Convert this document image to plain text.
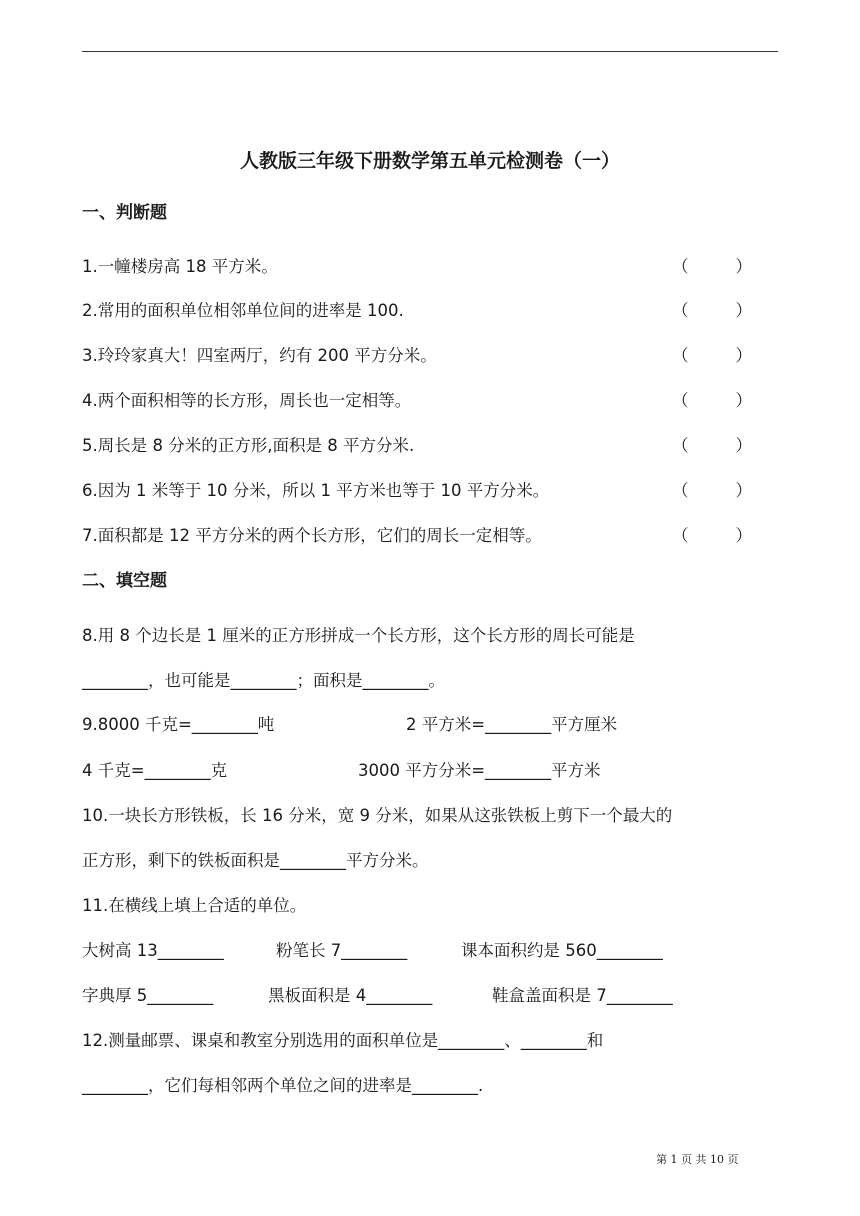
人教版三年级下册数学第五单元检测卷（一）
一、判断题
1.一幢楼房高 18 平方米。	（	）
2.常用的面积单位相邻单位间的进率是 100.	（	）
3.玲玲家真大！四室两厅，约有 200 平方分米。	（	）
4.两个面积相等的长方形，周长也一定相等。	（	）
5.周长是 8 分米的正方形,面积是 8 平方分米.	（	）
6.因为 1 米等于 10 分米，所以 1 平方米也等于 10 平方分米。	（	）
7.面积都是 12 平方分米的两个长方形，它们的周长一定相等。	（	）
二、填空题
8.用 8 个边长是 1 厘米的正方形拼成一个长方形，这个长方形的周长可能是
________，也可能是________；面积是________。
9.8000 千克=________吨	2 平方米=________平方厘米
4 千克=________克	3000 平方分米=________平方米
10.一块长方形铁板，长 16 分米，宽 9 分米，如果从这张铁板上剪下一个最大的
正方形，剩下的铁板面积是________平方分米。
11.在横线上填上合适的单位。
大树高 13________	粉笔长 7________	课本面积约是 560________
字典厚 5________	黑板面积是 4________	鞋盒盖面积是 7________
12.测量邮票、课桌和教室分别选用的面积单位是________、________和
________，它们每相邻两个单位之间的进率是________.
第 1 页 共 10 页
